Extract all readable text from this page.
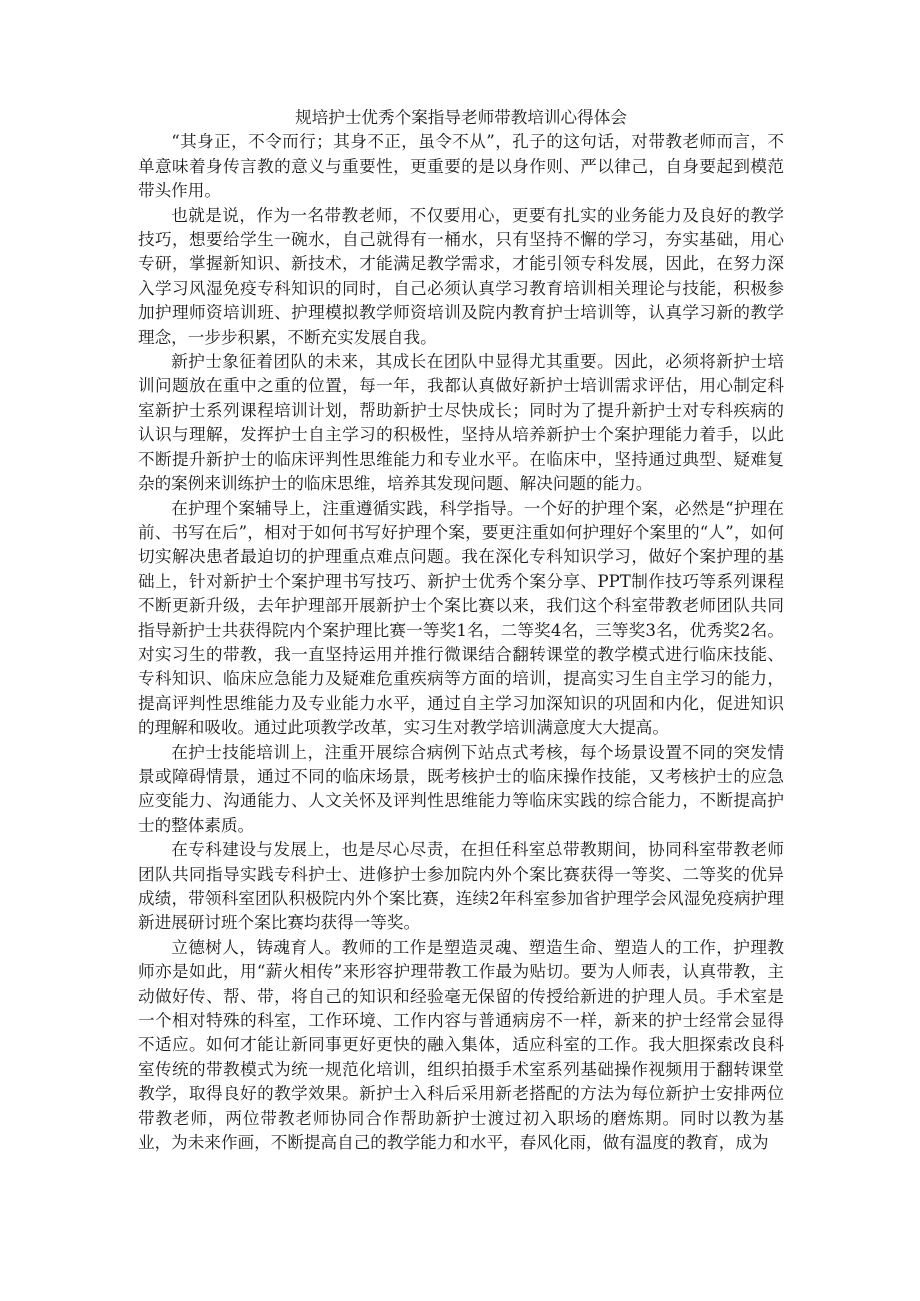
规培护士优秀个案指导老师带教培训心得体会

“其身正，不令而行；其身不正，虽令不从”，孔子的这句话，对带教老师而言，不单意味着身传言教的意义与重要性，更重要的是以身作则、严以律己，自身要起到模范带头作用。

也就是说，作为一名带教老师，不仅要用心，更要有扎实的业务能力及良好的教学技巧，想要给学生一碗水，自己就得有一桶水，只有坚持不懈的学习，夯实基础，用心专研，掌握新知识、新技术，才能满足教学需求，才能引领专科发展，因此，在努力深入学习风湿免疫专科知识的同时，自己必须认真学习教育培训相关理论与技能，积极参加护理师资培训班、护理模拟教学师资培训及院内教育护士培训等，认真学习新的教学理念，一步步积累，不断充实发展自我。

新护士象征着团队的未来，其成长在团队中显得尤其重要。因此，必须将新护士培训问题放在重中之重的位置，每一年，我都认真做好新护士培训需求评估，用心制定科室新护士系列课程培训计划，帮助新护士尽快成长；同时为了提升新护士对专科疾病的认识与理解，发挥护士自主学习的积极性，坚持从培养新护士个案护理能力着手，以此不断提升新护士的临床评判性思维能力和专业水平。在临床中，坚持通过典型、疑难复杂的案例来训练护士的临床思维，培养其发现问题、解决问题的能力。

在护理个案辅导上，注重遵循实践，科学指导。一个好的护理个案，必然是“护理在前、书写在后”，相对于如何书写好护理个案，要更注重如何护理好个案里的“人”，如何切实解决患者最迫切的护理重点难点问题。我在深化专科知识学习，做好个案护理的基础上，针对新护士个案护理书写技巧、新护士优秀个案分享、PPT制作技巧等系列课程不断更新升级，去年护理部开展新护士个案比赛以来，我们这个科室带教老师团队共同指导新护士共获得院内个案护理比赛一等奖1名，二等奖4名，三等奖3名，优秀奖2名。对实习生的带教，我一直坚持运用并推行微课结合翻转课堂的教学模式进行临床技能、专科知识、临床应急能力及疑难危重疾病等方面的培训，提高实习生自主学习的能力，提高评判性思维能力及专业能力水平，通过自主学习加深知识的巩固和内化，促进知识的理解和吸收。通过此项教学改革，实习生对教学培训满意度大大提高。

在护士技能培训上，注重开展综合病例下站点式考核，每个场景设置不同的突发情景或障碍情景，通过不同的临床场景，既考核护士的临床操作技能，又考核护士的应急应变能力、沟通能力、人文关怀及评判性思维能力等临床实践的综合能力，不断提高护士的整体素质。

在专科建设与发展上，也是尽心尽责，在担任科室总带教期间，协同科室带教老师团队共同指导实践专科护士、进修护士参加院内外个案比赛获得一等奖、二等奖的优异成绩，带领科室团队积极院内外个案比赛，连续2年科室参加省护理学会风湿免疫病护理新进展研讨班个案比赛均获得一等奖。

立德树人，铸魂育人。教师的工作是塑造灵魂、塑造生命、塑造人的工作，护理教师亦是如此，用“薪火相传”来形容护理带教工作最为贴切。要为人师表，认真带教，主动做好传、帮、带，将自己的知识和经验毫无保留的传授给新进的护理人员。手术室是一个相对特殊的科室，工作环境、工作内容与普通病房不一样，新来的护士经常会显得不适应。如何才能让新同事更好更快的融入集体，适应科室的工作。我大胆探索改良科室传统的带教模式为统一规范化培训，组织拍摄手术室系列基础操作视频用于翻转课堂教学，取得良好的教学效果。新护士入科后采用新老搭配的方法为每位新护士安排两位带教老师，两位带教老师协同合作帮助新护士渡过初入职场的磨炼期。同时以教为基业，为未来作画，不断提高自己的教学能力和水平，春风化雨，做有温度的教育，成为
